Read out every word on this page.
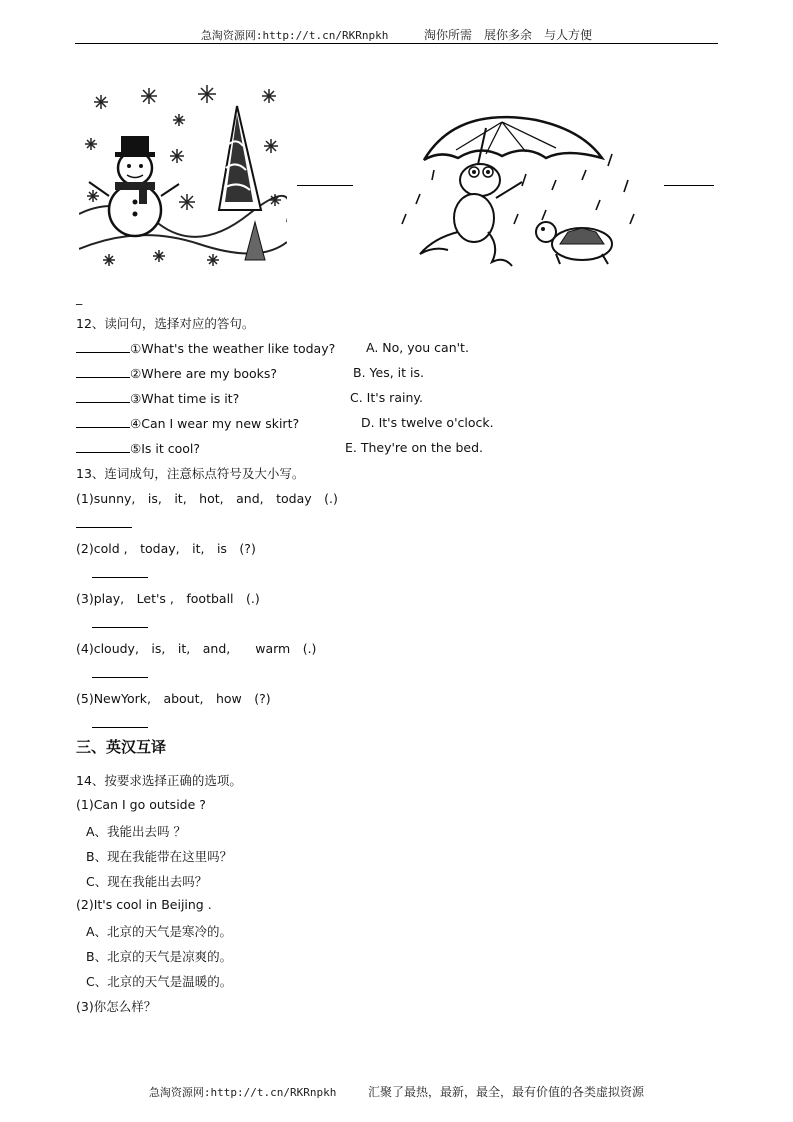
急淘资源网:http://t.cn/RKRnpkh	淘你所需　展你多余　与人方便
_
12、读问句，选择对应的答句。
①What's the weather like today? A. No, you can't.
②Where are my books?	B. Yes, it is.
③What time is it?	C. It's rainy.
④Can I wear my new skirt?	D. It's twelve o'clock.
⑤Is it cool?	E. They're on the bed.
13、连词成句，注意标点符号及大小写。
(1)sunny,　is,　it,　hot,　and,　today　(.)
(2)cold ,　today,　it,　is　(?)
(3)play,　Let's ,　football　(.)
(4)cloudy,　is,　it,　and,　　warm　(.)
(5)NewYork,　about,　how　(?)
三、英汉互译
14、按要求选择正确的选项。
(1)Can I go outside ?
A、我能出去吗 ？
B、现在我能带在这里吗？
C、现在我能出去吗？
(2)It's cool in Beijing .
A、北京的天气是寒冷的。
B、北京的天气是凉爽的。
C、北京的天气是温暖的。
(3)你怎么样？
急淘资源网:http://t.cn/RKRnpkh	汇聚了最热，最新，最全，最有价值的各类虚拟资源
